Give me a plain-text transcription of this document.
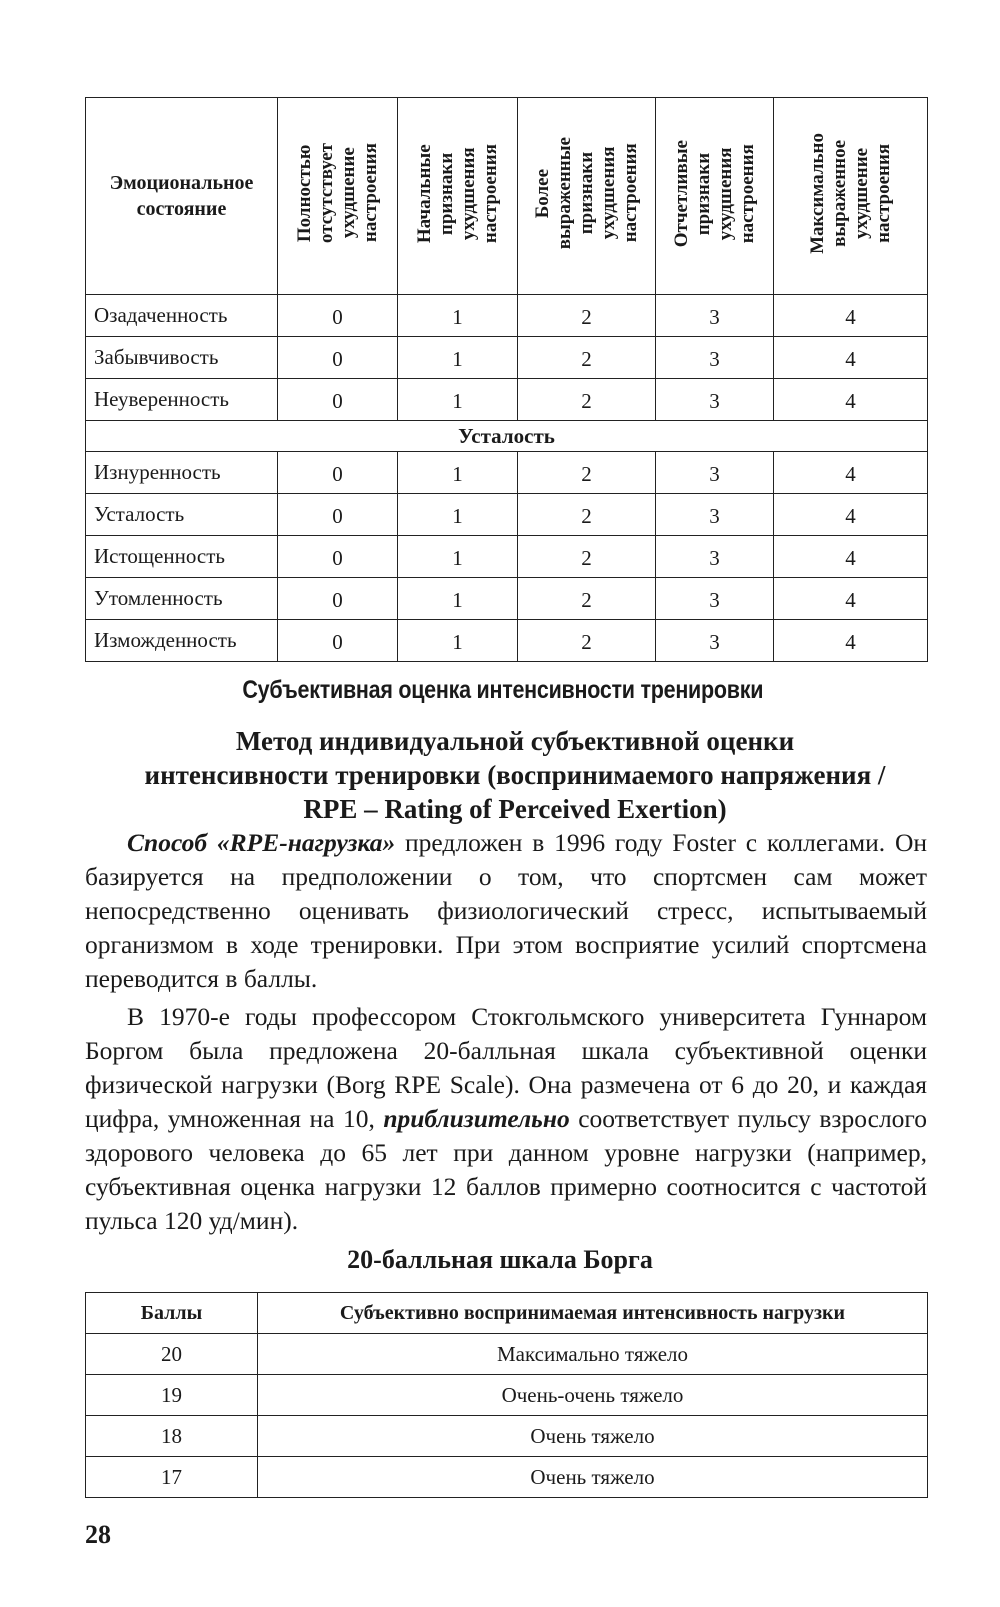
Эмоциональное состояние	Полностью
отсутствует
ухудшение
настроения	Начальные
признаки
ухудшения
настроения	Более
выраженные
признаки
ухудшения
настроения	Отчетливые
признаки
ухудшения
настроения	Максимально
выраженное
ухудшение
настроения
Озадаченность	0	1	2	3	4
Забывчивость	0	1	2	3	4
Неуверенность	0	1	2	3	4
Усталость					
Изнуренность	0	1	2	3	4
Усталость	0	1	2	3	4
Истощенность	0	1	2	3	4
Утомленность	0	1	2	3	4
Изможденность	0	1	2	3	4
Субъективная оценка интенсивности тренировки
Метод индивидуальной субъективной оценки
интенсивности тренировки (воспринимаемого напряжения /
RPE – Rating of Perceived Exertion)

Способ «RPE-нагрузка» предложен в 1996 году Foster с коллегами. Он базируется на предположении о том, что спортсмен сам может непосредственно оценивать физиологический стресс, испытываемый организмом в ходе тренировки. При этом восприятие усилий спортсмена переводится в баллы.

В 1970-е годы профессором Стокгольмского университета Гуннаром Боргом была предложена 20-балльная шкала субъективной оценки физической нагрузки (Borg RPE Scale). Она размечена от 6 до 20, и каждая цифра, умноженная на 10, приблизительно соответствует пульсу взрослого здорового человека до 65 лет при данном уровне нагрузки (например, субъективная оценка нагрузки 12 баллов примерно соотносится с частотой пульса 120 уд/мин).

20-балльная шкала Борга
Баллы	Субъективно воспринимаемая интенсивность нагрузки
20	Максимально тяжело
19	Очень-очень тяжело
18	Очень тяжело
17	Очень тяжело
28
